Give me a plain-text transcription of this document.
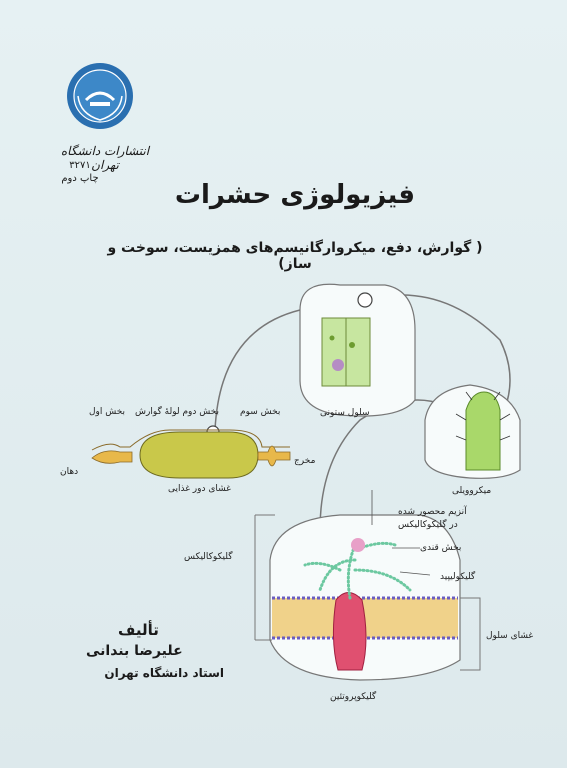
انتشارات دانشگاه تهران
۳۲۷۱
چاپ دوم
فیزیولوژی حشرات
( گوارش، دفع، میکروارگانیسم‌های همزیست، سوخت و ساز)
بخش اول بخش دوم لولهٔ گوارش بخش سوم
دهان
مخرج
غشای دور غذایی
سلول ستونی
میکروویلی
آنزیم محصور شده
در گلیکوکالیکس
بخش قندی
گلیکوکالیکس
گلیکولیپید
غشای سلول
گلیکوپروتئین
تألیف
علیرضا بندانی
استاد دانشگاه تهران
